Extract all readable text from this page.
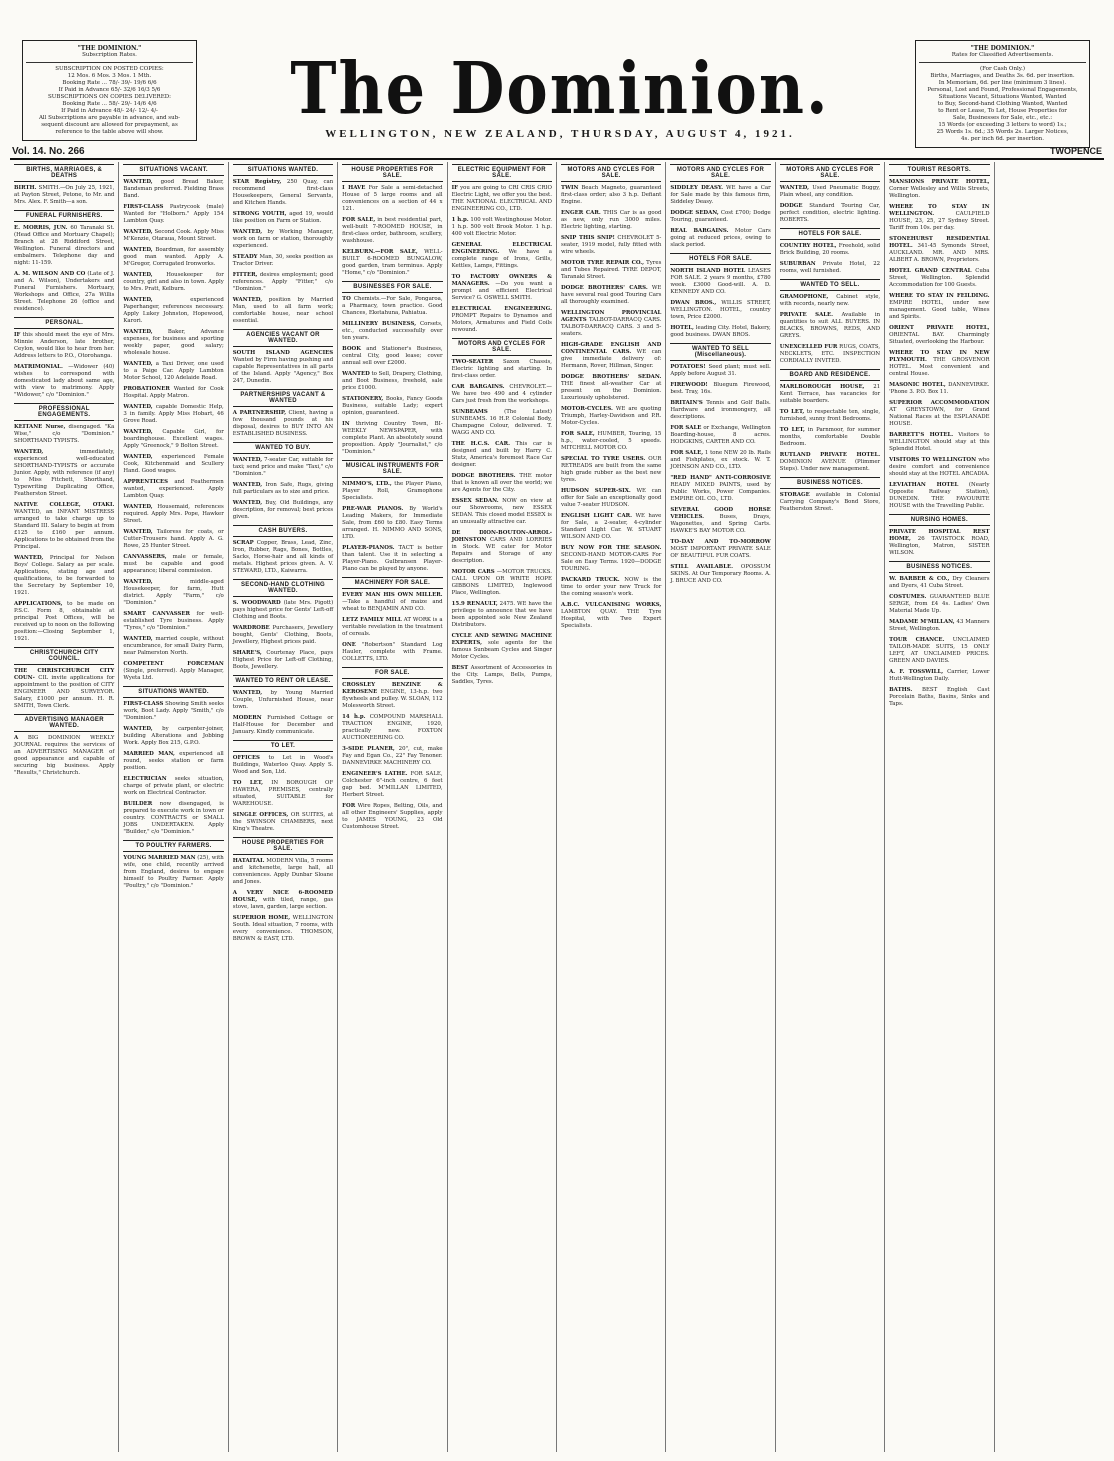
"THE DOMINION."
Subscription Rates.
SUBSCRIPTION ON POSTED COPIES:
12 Mos. 6 Mos. 3 Mos. 1 Mth.
Booking Rate ... 78/- 39/- 19/6 6/6
If Paid in Advance 65/- 32/6 16/3 5/6
SUBSCRIPTIONS ON COPIES DELIVERED:
Booking Rate ... 58/- 29/- 14/6 4/6
If Paid in Advance 48/- 24/- 12/- 4/-
All Subscriptions are payable in advance, and sub-
sequent discount are allowed for prepayment, as
reference to the table above will show.
The Dominion.
WELLINGTON, NEW ZEALAND, THURSDAY, AUGUST 4, 1921.
"THE DOMINION."
Rates for Classified Advertisements.
(For Cash Only.)
Births, Marriages, and Deaths 3s. 6d. per insertion.
In Memoriam, 6d. per line (minimum 3 lines).
Personal, Lost and Found, Professional Engagements,
Situations Vacant, Situations Wanted, Wanted
to Buy, Second-hand Clothing Wanted, Wanted
to Rent or Lease, To Let, House Properties for
Sale, Businesses for Sale, etc., etc.:
15 Words (or exceeding 3 letters to word) 1s.;
25 Words 1s. 6d.; 35 Words 2s. Larger Notices,
4s. per inch 6d. per insertion.
Vol. 14. No. 266	TWOPENCE
BIRTHS, MARRIAGES, & DEATHS

BIRTH. SMITH.—On July 25, 1921, at Payton Street, Petone, to Mr. and Mrs. Alex. F. Smith—a son.

FUNERAL FURNISHERS.

E. MORRIS, JUN. 60 Taranaki St. (Head Office and Mortuary Chapel); Branch at 28 Riddiford Street, Wellington. Funeral directors and embalmers. Telephone day and night: 11-159.

A. M. WILSON AND CO (Late of J. and A. Wilson), Undertakers and Funeral Furnishers. Mortuary, Workshops and Office, 27a Willis Street. Telephone 26 (office and residence).

PERSONAL.

IF this should meet the eye of Mrs. Minnie Anderson, late brother, Ceylon, would like to hear from her. Address letters to P.O., Otorohanga.

MATRIMONIAL. —Widower (40) wishes to correspond with domesticated lady about same age, with view to matrimony. Apply "Widower," c/o "Dominion."

PROFESSIONAL ENGAGEMENTS.

KEITANE Nurse, disengaged. "Ka Wise," c/o "Dominion." SHORTHAND TYPISTS.

WANTED, immediately, experienced well-educated SHORTHAND-TYPISTS or accurate Junior. Apply, with reference (if any) to Miss Fitchett, Shorthand, Typewriting Duplicating Office, Featherston Street.

NATIVE COLLEGE, OTAKI. WANTED, an INFANT MISTRESS arranged to take charge up to Standard III. Salary to begin at from £125 to £160 per annum. Applications to be obtained from the Principal.

WANTED, Principal for Nelson Boys' College. Salary as per scale. Applications, stating age and qualifications, to be forwarded to the Secretary by September 10, 1921.

APPLICATIONS, to be made on P.S.C. Form 8, obtainable at principal Post Offices, will be received up to noon on the following position:—Closing September 1, 1921.

CHRISTCHURCH CITY COUNCIL.

THE CHRISTCHURCH CITY COUN- CIL invite applications for appointment to the position of CITY ENGINEER AND SURVEYOR. Salary, £1000 per annum. H. R. SMITH, Town Clerk.

ADVERTISING MANAGER WANTED.

A BIG DOMINION WEEKLY JOURNAL requires the services of an ADVERTISING MANAGER of good appearance and capable of securing big business. Apply "Results," Christchurch.

SITUATIONS VACANT.

WANTED, good Bread Baker, Bandsman preferred. Fielding Brass Band.

FIRST-CLASS Pastrycook (male) Wanted for "Holborn." Apply 154 Lambton Quay.

WANTED, Second Cook. Apply Miss M'Kenzie, Otaraua, Mount Street.

WANTED, Boardman, for assembly good man wanted. Apply A. M'Gregor, Corrugated Ironworks.

WANTED, Housekeeper for country, girl and also in town. Apply to Mrs. Pratt, Kelburn.

WANTED, experienced Paperhanger, references necessary. Apply Lukey Johnston, Hopewood, Karori.

WANTED, Baker, Advance expenses, for business and sporting weekly paper, good salary; wholesale house.

WANTED, a Taxi Driver, one used to a Paige Car. Apply Lambton Motor School, 120 Adelaide Road.

PROBATIONER Wanted for Cook Hospital. Apply Matron.

WANTED, capable Domestic Help, 3 in family. Apply Miss Hobart, 46 Grove Road.

WANTED, Capable Girl, for boardinghouse. Excellent wages. Apply "Greenock," 9 Bolton Street.

WANTED, experienced Female Cook, Kitchenmaid and Scullery Hand. Good wages.

APPRENTICES and Feathermen wanted, experienced. Apply Lambton Quay.

WANTED, Housemaid, references required. Apply Mrs. Pope, Hawker Street.

WANTED, Tailoress for coats, or Cutter-Trousers hand. Apply A. G. Rowe, 25 Hunter Street.

CANVASSERS, male or female, must be capable and good appearance; liberal commission.

WANTED, middle-aged Housekeeper, for farm, Hutt district. Apply "Farm," c/o "Dominion."

SMART CANVASSER for well-established Tyre business. Apply "Tyres," c/o "Dominion."

WANTED, married couple, without encumbrance, for small Dairy Farm, near Palmerston North.

COMPETENT FORCEMAN (Single, preferred). Apply Manager, Wyeta Ltd.

SITUATIONS WANTED.

FIRST-CLASS Showing Smith seeks work, Boot Lady. Apply "Smith," c/o "Dominion."

WANTED, by carpenter-joiner, building Alterations and Jobbing Work. Apply Box 215, G.P.O.

MARRIED MAN, experienced all round, seeks station or farm position.

ELECTRICIAN seeks situation, charge of private plant, or electric work on Electrical Contractor.

BUILDER now disengaged, is prepared to execute work in town or country. CONTRACTS or SMALL JOBS UNDERTAKEN. Apply "Builder," c/o "Dominion."

TO POULTRY FARMERS.

YOUNG MARRIED MAN (25), with wife, one child, recently arrived from England, desires to engage himself to Poultry Farmer. Apply "Poultry," c/o "Dominion."

SITUATIONS WANTED.

STAR Registry, 250 Quay, can recommend first-class Housekeepers, General Servants, and Kitchen Hands.

STRONG YOUTH, aged 19, would like position on Farm or Station.

WANTED, by Working Manager, work on farm or station, thoroughly experienced.

STEADY Man, 30, seeks position as Tractor Driver.

FITTER, desires employment; good references. Apply "Fitter," c/o "Dominion."

WANTED, position by Married Man, used to all farm work; comfortable house, near school essential.

AGENCIES VACANT OR WANTED.

SOUTH ISLAND AGENCIES Wanted by Firm having pushing and capable Representatives in all parts of the Island. Apply "Agency," Box 247, Dunedin.

PARTNERSHIPS VACANT & WANTED

A PARTNERSHIP, Client, having a few thousand pounds at his disposal, desires to BUY INTO AN ESTABLISHED BUSINESS.

WANTED TO BUY.

WANTED, 7-seater Car, suitable for taxi; send price and make "Taxi," c/o "Dominion."

WANTED, Iron Safe, Rugs, giving full particulars as to size and price.

WANTED, Buy, Old Buildings, any description, for removal; best prices given.

CASH BUYERS.

SCRAP Copper, Brass, Lead, Zinc, Iron, Rubber, Rags, Bones, Bottles, Sacks, Horse-hair and all kinds of metals. Highest prices given. A. V. STEWARD, LTD., Kaiwarra.

SECOND-HAND CLOTHING WANTED.

S. WOODWARD (late Mrs. Pigott) pays highest price for Gents' Left-off Clothing and Boots.

WARDROBE Purchasers, Jewellery bought, Gents' Clothing, Boots, Jewellery, Highest prices paid.

SHARE'S, Courtenay Place, pays Highest Price for Left-off Clothing, Boots, Jewellery.

WANTED TO RENT OR LEASE.

WANTED, by Young Married Couple, Unfurnished House, near town.

MODERN Furnished Cottage or Half-House for December and January. Kindly communicate.

TO LET.

OFFICES to Let in Wood's Buildings, Waterloo Quay. Apply S. Wood and Son, Ltd.

TO LET, IN BOROUGH OF HAWERA, PREMISES, centrally situated, SUITABLE for WAREHOUSE.

SINGLE OFFICES, OR SUITES, at the SWINSON CHAMBERS, next King's Theatre.

HOUSE PROPERTIES FOR SALE.

HATAITAI. MODERN Villa, 5 rooms and kitchenette, large hall, all conveniences. Apply Dunbar Sloane and Jones.

A VERY NICE 6-ROOMED HOUSE, with tiled, range, gas stove, lawn, garden, large section.

SUPERIOR HOME, WELLINGTON South. Ideal situation, 7 rooms, with every convenience. THOMSON, BROWN & EAST, LTD.

HOUSE PROPERTIES FOR SALE.

I HAVE For Sale a semi-detached House of 5 large rooms and all conveniences on a section of 44 x 121.

FOR SALE, in best residential part, well-built 7-ROOMED HOUSE, in first-class order, bathroom, scullery, washhouse.

KELBURN.—FOR SALE, WELL-BUILT 6-ROOMED BUNGALOW, good garden, tram terminus. Apply "Home," c/o "Dominion."

BUSINESSES FOR SALE.

TO Chemists.—For Sale, Pongaroa, a Pharmacy, town practice. Good Chances, Eketahuna, Pahiatua.

MILLINERY BUSINESS, Corsets, etc., conducted successfully over ten years.

BOOK and Stationer's Business, central City, good lease; cover annual sell over £2000.

WANTED to Sell, Drapery, Clothing, and Boot Business, freehold, sale price £1000.

STATIONERY, Books, Fancy Goods Business, suitable Lady; expert opinion, guaranteed.

IN thriving Country Town, BI-WEEKLY NEWSPAPER, with complete Plant. An absolutely sound proposition. Apply "Journalist," c/o "Dominion."

MUSICAL INSTRUMENTS FOR SALE.

NIMMO'S, LTD., the Player Piano, Player Roll, Gramophone Specialists.

PRE-WAR PIANOS. By World's Leading Makers, for Immediate Sale, from £60 to £80. Easy Terms arranged. H. NIMMO AND SONS, LTD.

PLAYER-PIANOS. TACT is better than talent. Use it in selecting a Player-Piano. Gulbransen Player-Piano can be played by anyone.

MACHINERY FOR SALE.

EVERY MAN HIS OWN MILLER. —Take a handful of maize and wheat to BENJAMIN AND CO.

LETZ FAMILY MILL AT WORK is a veritable revelation in the treatment of cereals.

ONE "Robertson" Standard Log Hauler, complete with Frame. COLLETTS, LTD.

FOR SALE.

CROSSLEY BENZINE & KEROSENE ENGINE, 13-h.p. two flywheels and pulley. W. SLOAN, 112 Molesworth Street.

14 h.p. COMPOUND MARSHALL TRACTION ENGINE, 1920, practically new. FOXTON AUCTIONEERING CO.

3-SIDE PLANER, 20", cut, make Fay and Egan Co., 22" Fay Tenoner. DANNEVIRKE MACHINERY CO.

ENGINEER'S LATHE. FOR SALE, Colchester 6"-inch centre, 6 feet gap bed. M'MILLAN LIMITED, Herbert Street.

FOR Wire Ropes, Belting, Oils, and all other Engineers' Supplies, apply to JAMES YOUNG, 23 Old Customhouse Street.

ELECTRIC EQUIPMENT FOR SALE.

IF you are going to CRI CRIS CRIO Electric Light, we offer you the best. THE NATIONAL ELECTRICAL AND ENGINEERING CO., LTD.

1 h.p. 100 volt Westinghouse Motor. 1 h.p. 500 volt Brook Motor. 1 h.p. 400 volt Electric Motor.

GENERAL ELECTRICAL ENGINEERING. We have a complete range of Irons, Grills, Kettles, Lamps, Fittings.

TO FACTORY OWNERS & MANAGERS. —Do you want a prompt and efficient Electrical Service? G. OSWELL SMITH.

ELECTRICAL ENGINEERING. PROMPT Repairs to Dynamos and Motors, Armatures and Field Coils rewound.

MOTORS AND CYCLES FOR SALE.

TWO-SEATER Saxon Chassis, Electric lighting and starting. In first-class order.

CAR BARGAINS. CHEVROLET.—We have two 490 and 4 cylinder Cars just fresh from the workshops.

SUNBEAMS (The Latest) SUNBEAMS. 16 H.P. Colonial Body, Champagne Colour, delivered. T. WAGG AND CO.

THE H.C.S. CAR. This car is designed and built by Harry C. Stutz, America's foremost Race Car designer.

DODGE BROTHERS. THE motor that is known all over the world; we are Agents for the City.

ESSEX SEDAN. NOW on view at our Showrooms, new ESSEX SEDAN. This closed model ESSEX is an unusually attractive car.

DE DION-BOUTON-ARROL-JOHNSTON CARS AND LORRIES in Stock. WE cater for Motor Repairs and Storage of any description.

MOTOR CARS —MOTOR TRUCKS. CALL UPON OR WRITE HOPE GIBBONS LIMITED, Inglewood Place, Wellington.

15.9 RENAULT, 2475. WE have the privilege to announce that we have been appointed sole New Zealand Distributors.

CYCLE AND SEWING MACHINE EXPERTS, sole agents for the famous Sunbeam Cycles and Singer Motor Cycles.

BEST Assortment of Accessories in the City. Lamps, Bells, Pumps, Saddles, Tyres.

MOTORS AND CYCLES FOR SALE.

TWIN Beach Magneto, guaranteed first-class order; also 3 h.p. Defiant Engine.

ENGER CAR. THIS Car is as good as new, only run 3000 miles. Electric lighting, starting.

SNIP THIS SNIP! CHEVROLET 5-seater, 1919 model, fully fitted with wire wheels.

MOTOR TYRE REPAIR CO., Tyres and Tubes Repaired. TYRE DEPOT, Taranaki Street.

DODGE BROTHERS' CARS. WE have several real good Touring Cars all thoroughly examined.

WELLINGTON PROVINCIAL AGENTS TALBOT-DARRACQ CARS. TALBOT-DARRACQ CARS. 3 and 5-seaters.

HIGH-GRADE ENGLISH AND CONTINENTAL CARS. WE can give immediate delivery of: Hermann, Rover, Hillman, Singer.

DODGE BROTHERS' SEDAN. THE finest all-weather Car at present on the Dominion. Luxuriously upholstered.

MOTOR-CYCLES. WE are quoting Triumph, Harley-Davidson and P.R. Motor-Cycles.

FOR SALE, HUMBER, Touring, 15 h.p., water-cooled, 5 speeds. MITCHELL MOTOR CO.

SPECIAL TO TYRE USERS. OUR RETREADS are built from the same high grade rubber as the best new tyres.

HUDSON SUPER-SIX. WE can offer for Sale an exceptionally good value 7-seater HUDSON.

ENGLISH LIGHT CAR. WE have for Sale, a 2-seater, 4-cylinder Standard Light Car. W. STUART WILSON AND CO.

BUY NOW FOR THE SEASON. SECOND-HAND MOTOR-CARS For Sale on Easy Terms. 1920—DODGE TOURING.

PACKARD TRUCK. NOW is the time to order your new Truck for the coming season's work.

A.B.C. VULCANISING WORKS, LAMBTON QUAY. THE Tyre Hospital, with Two Expert Specialists.

MOTORS AND CYCLES FOR SALE.

SIDDLEY DEASY. WE have a Car for Sale made by this famous firm, Siddeley Deasy.

DODGE SEDAN, Cost £700; Dodge Touring, guaranteed.

REAL BARGAINS. Motor Cars going at reduced prices, owing to slack period.

HOTELS FOR SALE.

NORTH ISLAND HOTEL LEASES FOR SALE. 2 years 9 months, £780 week. £3000 Good-will. A. D. KENNEDY AND CO.

DWAN BROS., WILLIS STREET, WELLINGTON. HOTEL, country town, Price £2000.

HOTEL, leading City. Hotel, Bakery, good business. DWAN BROS.

WANTED TO SELL (Miscellaneous).

POTATOES! Seed plant; must sell. Apply before August 31.

FIREWOOD! Bluegum Firewood, best. Tray, 16s.

BRITAIN'S Tennis and Golf Balls. Hardware and ironmongery, all descriptions.

FOR SALE or Exchange, Wellington Boarding-house, 8 acres. HODGKINS, CARTER AND CO.

FOR SALE, 1 tone NEW 20 lb. Rails and Fishplates, ex stock. W. T. JOHNSON AND CO., LTD.

"RED HAND" ANTI-CORROSIVE READY MIXED PAINTS, used by Public Works, Power Companies. EMPIRE OIL CO., LTD.

SEVERAL GOOD HORSE VEHICLES. Buses, Drays, Wagonettes, and Spring Carts. HAWKE'S BAY MOTOR CO.

TO-DAY AND TO-MORROW MOST IMPORTANT PRIVATE SALE OF BEAUTIFUL FUR COATS.

STILL AVAILABLE. OPOSSUM SKINS. At Our Temporary Rooms. A. J. BRUCE AND CO.

MOTORS AND CYCLES FOR SALE.

WANTED, Used Pneumatic Buggy, Plain wheel, any condition.

DODGE Standard Touring Car, perfect condition, electric lighting. ROBERTS.

HOTELS FOR SALE.

COUNTRY HOTEL, Freehold, solid Brick Building, 20 rooms.

SUBURBAN Private Hotel, 22 rooms, well furnished.

WANTED TO SELL.

GRAMOPHONE, Cabinet style, with records, nearly new.

PRIVATE SALE. Available in quantities to suit ALL BUYERS. IN BLACKS, BROWNS, REDS, AND GREYS.

UNEXCELLED FUR RUGS, COATS, NECKLETS, ETC. INSPECTION CORDIALLY INVITED.

BOARD AND RESIDENCE.

MARLBOROUGH HOUSE, 21 Kent Terrace, has vacancies for suitable boarders.

TO LET, to respectable ten, single, furnished, sunny front Bedrooms.

TO LET, in Parnmoor, for summer months, comfortable Double Bedroom.

RUTLAND PRIVATE HOTEL. DOMINION AVENUE (Plimmer Steps). Under new management.

BUSINESS NOTICES.

STORAGE available in Colonial Carrying Company's Bond Store, Featherston Street.

TOURIST RESORTS.

MANSIONS PRIVATE HOTEL, Corner Wellesley and Willis Streets, Wellington.

WHERE TO STAY IN WELLINGTON. CAULFIELD HOUSE, 23, 25, 27 Sydney Street. Tariff from 10s. per day.

STONEHURST RESIDENTIAL HOTEL. 341-45 Symonds Street, AUCKLAND. MR. AND MRS. ALBERT A. BROWN, Proprietors.

HOTEL GRAND CENTRAL Cuba Street, Wellington. Splendid Accommodation for 100 Guests.

WHERE TO STAY IN FEILDING. EMPIRE HOTEL, under new management. Good table, Wines and Spirits.

ORIENT PRIVATE HOTEL, ORIENTAL BAY. Charmingly Situated, overlooking the Harbour.

WHERE TO STAY IN NEW PLYMOUTH. THE GROSVENOR HOTEL. Most convenient and central House.

MASONIC HOTEL, DANNEVIRKE. 'Phone 3. P.O. Box 11.

SUPERIOR ACCOMMODATION AT GREYSTOWN, for Grand National Races at the ESPLANADE HOUSE.

BARRETT'S HOTEL. Visitors to WELLINGTON should stay at this Splendid Hotel.

VISITORS TO WELLINGTON who desire comfort and convenience should stay at the HOTEL ARCADIA.

LEVIATHAN HOTEL (Nearly Opposite Railway Station), DUNEDIN. THE FAVOURITE HOUSE with the Travelling Public.

NURSING HOMES.

PRIVATE HOSPITAL REST HOME, 26 TAVISTOCK ROAD, Wellington, Matron, SISTER WILSON.

BUSINESS NOTICES.

W. BARBER & CO., Dry Cleaners and Dyers, 41 Cuba Street.

COSTUMES. GUARANTEED BLUE SERGE, from £4 4s. Ladies' Own Material Made Up.

MADAME M'MILLAN, 43 Manners Street, Wellington.

TOUR CHANCE. UNCLAIMED TAILOR-MADE SUITS, 15 ONLY LEFT, AT UNCLAIMED PRICES. GREEN AND DAVIES.

A. F. TOSSWILL, Carrier, Lower Hutt-Wellington Daily.

BATHS. BEST English Cast Porcelain Baths, Basins, Sinks and Taps.
